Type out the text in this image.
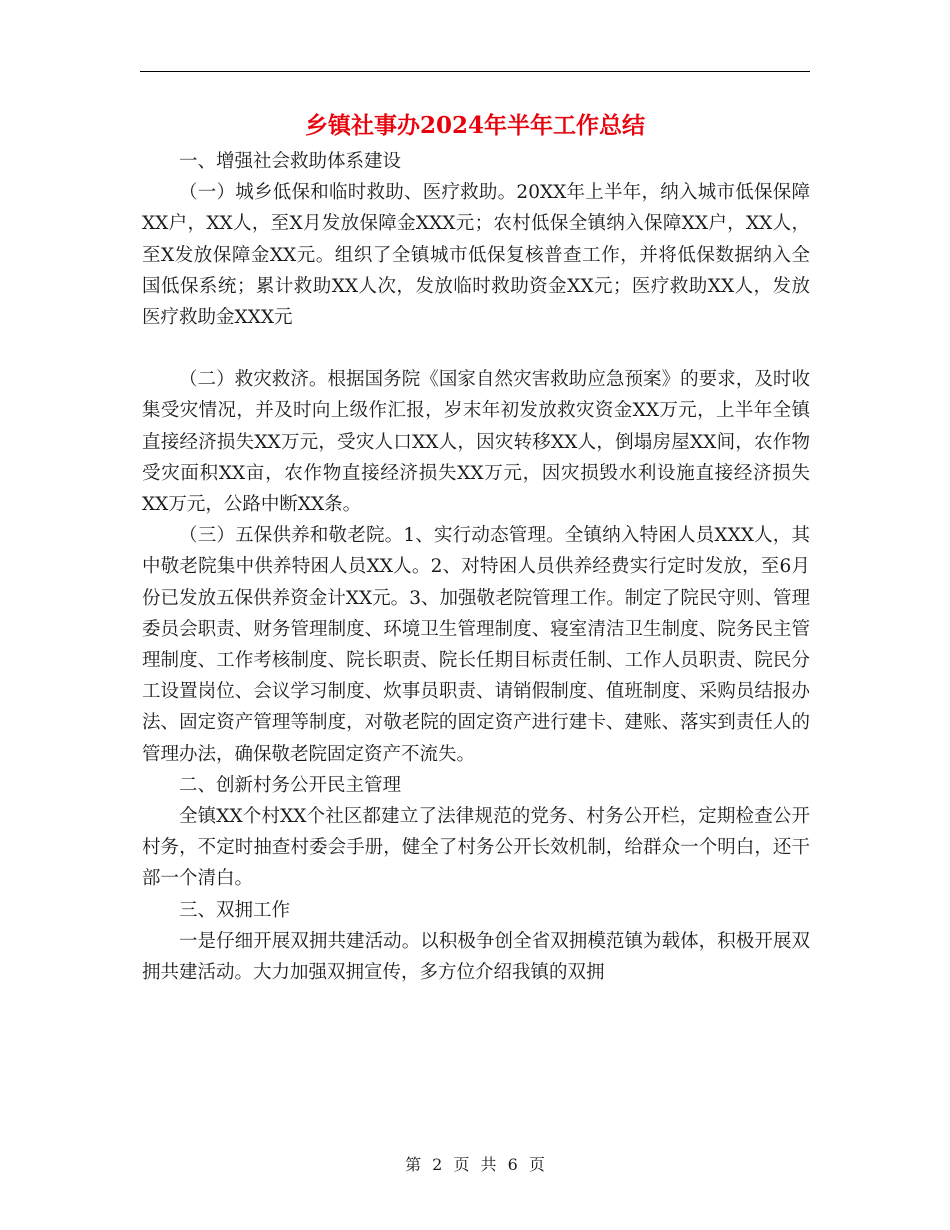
乡镇社事办2024年半年工作总结

一、增强社会救助体系建设

（一）城乡低保和临时救助、医疗救助。20XX年上半年，纳入城市低保保障XX户，XX人，至X月发放保障金XXX元；农村低保全镇纳入保障XX户，XX人，至X发放保障金XX元。组织了全镇城市低保复核普查工作，并将低保数据纳入全国低保系统；累计救助XX人次，发放临时救助资金XX元；医疗救助XX人，发放医疗救助金XXX元

（二）救灾救济。根据国务院《国家自然灾害救助应急预案》的要求，及时收集受灾情况，并及时向上级作汇报，岁末年初发放救灾资金XX万元，上半年全镇直接经济损失XX万元，受灾人口XX人，因灾转移XX人，倒塌房屋XX间，农作物受灾面积XX亩，农作物直接经济损失XX万元，因灾损毁水利设施直接经济损失XX万元，公路中断XX条。

（三）五保供养和敬老院。1、实行动态管理。全镇纳入特困人员XXX人，其中敬老院集中供养特困人员XX人。2、对特困人员供养经费实行定时发放，至6月份已发放五保供养资金计XX元。3、加强敬老院管理工作。制定了院民守则、管理委员会职责、财务管理制度、环境卫生管理制度、寝室清洁卫生制度、院务民主管理制度、工作考核制度、院长职责、院长任期目标责任制、工作人员职责、院民分工设置岗位、会议学习制度、炊事员职责、请销假制度、值班制度、采购员结报办法、固定资产管理等制度，对敬老院的固定资产进行建卡、建账、落实到责任人的管理办法，确保敬老院固定资产不流失。

二、创新村务公开民主管理

全镇XX个村XX个社区都建立了法律规范的党务、村务公开栏，定期检查公开村务，不定时抽查村委会手册，健全了村务公开长效机制，给群众一个明白，还干部一个清白。

三、双拥工作

一是仔细开展双拥共建活动。以积极争创全省双拥模范镇为载体，积极开展双拥共建活动。大力加强双拥宣传，多方位介绍我镇的双拥

第 2 页 共 6 页
